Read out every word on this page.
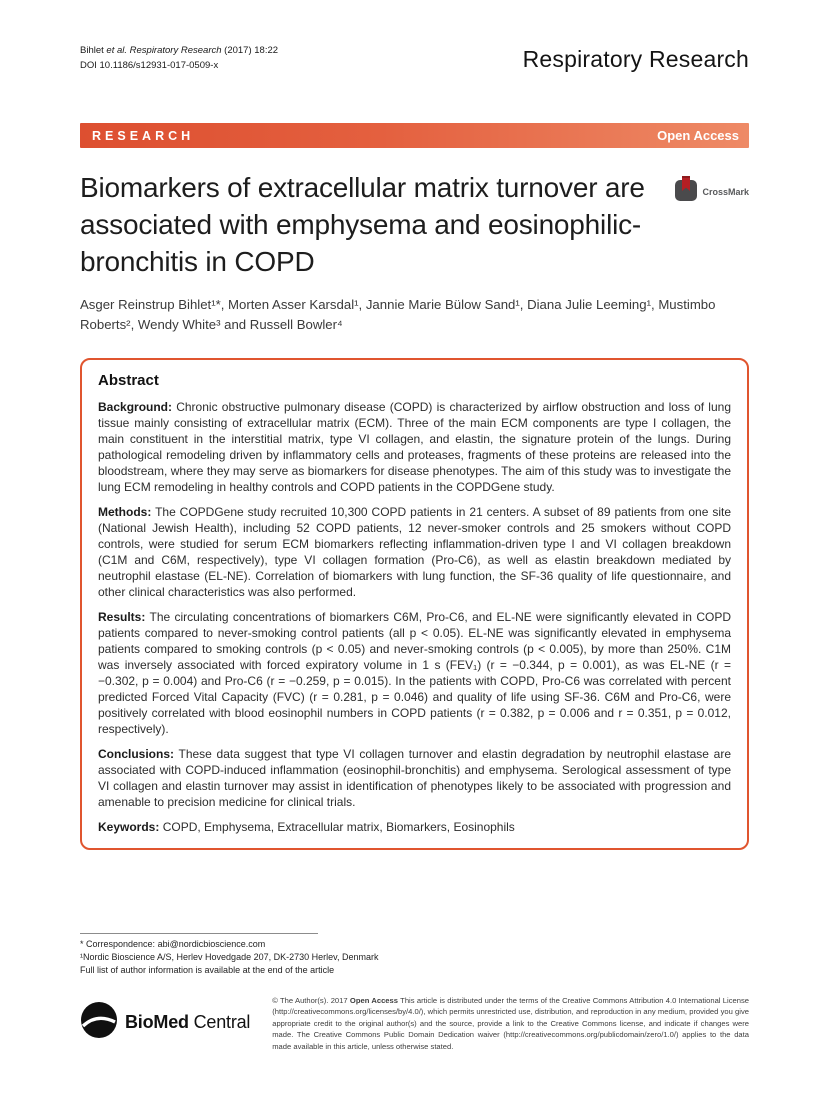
Bihlet et al. Respiratory Research (2017) 18:22
DOI 10.1186/s12931-017-0509-x	Respiratory Research
RESEARCH	Open Access
Biomarkers of extracellular matrix turnover are associated with emphysema and eosinophilic-bronchitis in COPD
CrossMark

Asger Reinstrup Bihlet¹*, Morten Asser Karsdal¹, Jannie Marie Bülow Sand¹, Diana Julie Leeming¹, Mustimbo Roberts², Wendy White³ and Russell Bowler⁴

Abstract

Background: Chronic obstructive pulmonary disease (COPD) is characterized by airflow obstruction and loss of lung tissue mainly consisting of extracellular matrix (ECM). Three of the main ECM components are type I collagen, the main constituent in the interstitial matrix, type VI collagen, and elastin, the signature protein of the lungs. During pathological remodeling driven by inflammatory cells and proteases, fragments of these proteins are released into the bloodstream, where they may serve as biomarkers for disease phenotypes. The aim of this study was to investigate the lung ECM remodeling in healthy controls and COPD patients in the COPDGene study.

Methods: The COPDGene study recruited 10,300 COPD patients in 21 centers. A subset of 89 patients from one site (National Jewish Health), including 52 COPD patients, 12 never-smoker controls and 25 smokers without COPD controls, were studied for serum ECM biomarkers reflecting inflammation-driven type I and VI collagen breakdown (C1M and C6M, respectively), type VI collagen formation (Pro-C6), as well as elastin breakdown mediated by neutrophil elastase (EL-NE). Correlation of biomarkers with lung function, the SF-36 quality of life questionnaire, and other clinical characteristics was also performed.

Results: The circulating concentrations of biomarkers C6M, Pro-C6, and EL-NE were significantly elevated in COPD patients compared to never-smoking control patients (all p < 0.05). EL-NE was significantly elevated in emphysema patients compared to smoking controls (p < 0.05) and never-smoking controls (p < 0.005), by more than 250%. C1M was inversely associated with forced expiratory volume in 1 s (FEV₁) (r = −0.344, p = 0.001), as was EL-NE (r = −0.302, p = 0.004) and Pro-C6 (r = −0.259, p = 0.015). In the patients with COPD, Pro-C6 was correlated with percent predicted Forced Vital Capacity (FVC) (r = 0.281, p = 0.046) and quality of life using SF-36. C6M and Pro-C6, were positively correlated with blood eosinophil numbers in COPD patients (r = 0.382, p = 0.006 and r = 0.351, p = 0.012, respectively).

Conclusions: These data suggest that type VI collagen turnover and elastin degradation by neutrophil elastase are associated with COPD-induced inflammation (eosinophil-bronchitis) and emphysema. Serological assessment of type VI collagen and elastin turnover may assist in identification of phenotypes likely to be associated with progression and amenable to precision medicine for clinical trials.

Keywords: COPD, Emphysema, Extracellular matrix, Biomarkers, Eosinophils

* Correspondence: abi@nordicbioscience.com
¹Nordic Bioscience A/S, Herlev Hovedgade 207, DK-2730 Herlev, Denmark
Full list of author information is available at the end of the article
BioMed Central

© The Author(s). 2017 Open Access This article is distributed under the terms of the Creative Commons Attribution 4.0 International License (http://creativecommons.org/licenses/by/4.0/), which permits unrestricted use, distribution, and reproduction in any medium, provided you give appropriate credit to the original author(s) and the source, provide a link to the Creative Commons license, and indicate if changes were made. The Creative Commons Public Domain Dedication waiver (http://creativecommons.org/publicdomain/zero/1.0/) applies to the data made available in this article, unless otherwise stated.
